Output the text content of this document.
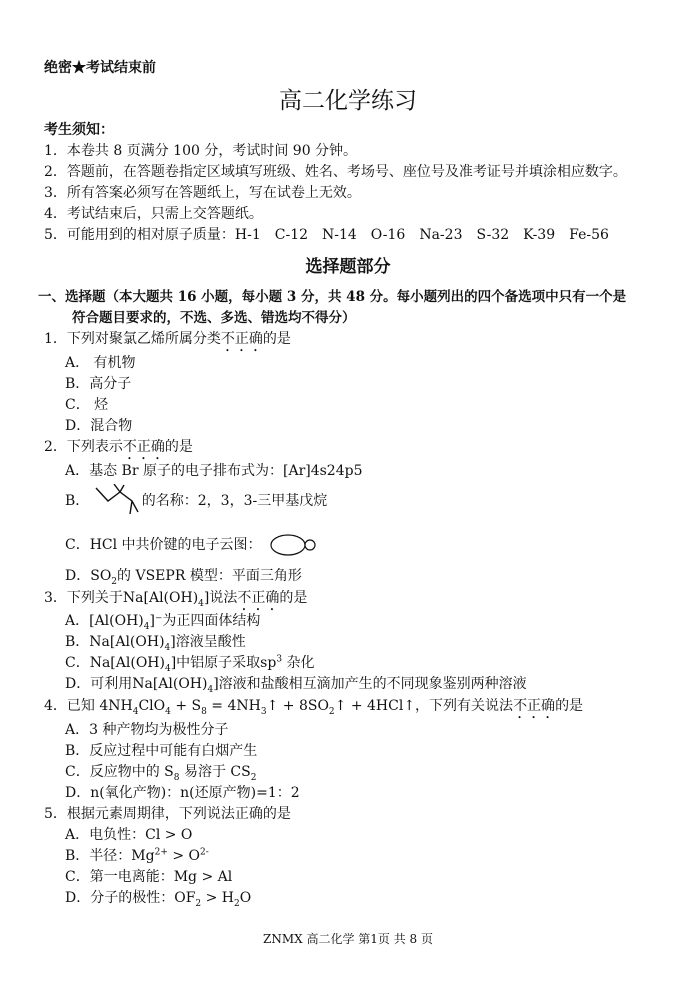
绝密★考试结束前
高二化学练习
考生须知：
1．本卷共 8 页满分 100 分，考试时间 90 分钟。
2．答题前，在答题卷指定区域填写班级、姓名、考场号、座位号及准考证号并填涂相应数字。
3．所有答案必须写在答题纸上，写在试卷上无效。
4．考试结束后，只需上交答题纸。
5．可能用到的相对原子质量：H-1　C-12　N-14　O-16　Na-23　S-32　K-39　Fe-56
选择题部分
一、选择题（本大题共 16 小题，每小题 3 分，共 48 分。每小题列出的四个备选项中只有一个是
符合题目要求的，不选、多选、错选均不得分）
1．下列对聚氯乙烯所属分类不正确的是
A． 有机物
B．高分子
C． 烃
D．混合物
2．下列表示不正确的是
A．基态 Br 原子的电子排布式为：[Ar]4s24p5
B．	的名称：2，3，3-三甲基戊烷
C．HCl 中共价键的电子云图：
D．$SO_2$的 VSEPR 模型：平面三角形
3．下列关于$Na[Al(OH)_4]$说法不正确的是
A．$[Al(OH)_4]^-$为正四面体结构
B．$Na[Al(OH)_4]$溶液呈酸性
C．$Na[Al(OH)_4]$中铝原子采取$sp^3$ 杂化
D．可利用$Na[Al(OH)_4]$溶液和盐酸相互滴加产生的不同现象鉴别两种溶液
4．已知 $4NH_4ClO_4 + S_8$ = $4NH_3↑$ + $8SO_2↑$ + 4HCl↑，下列有关说法不正确的是
A．3 种产物均为极性分子
B．反应过程中可能有白烟产生
C．反应物中的 $S_8$ 易溶于 $CS_2$
D．n(氧化产物)：n(还原产物)=1：2
5．根据元素周期律，下列说法正确的是
A．电负性：Cl > O
B．半径：$Mg^{2+} > O^{2-}$
C．第一电离能：Mg > Al
D．分子的极性：$OF_2 > H_2O$
ZNMX 高二化学 第1页 共 8 页
